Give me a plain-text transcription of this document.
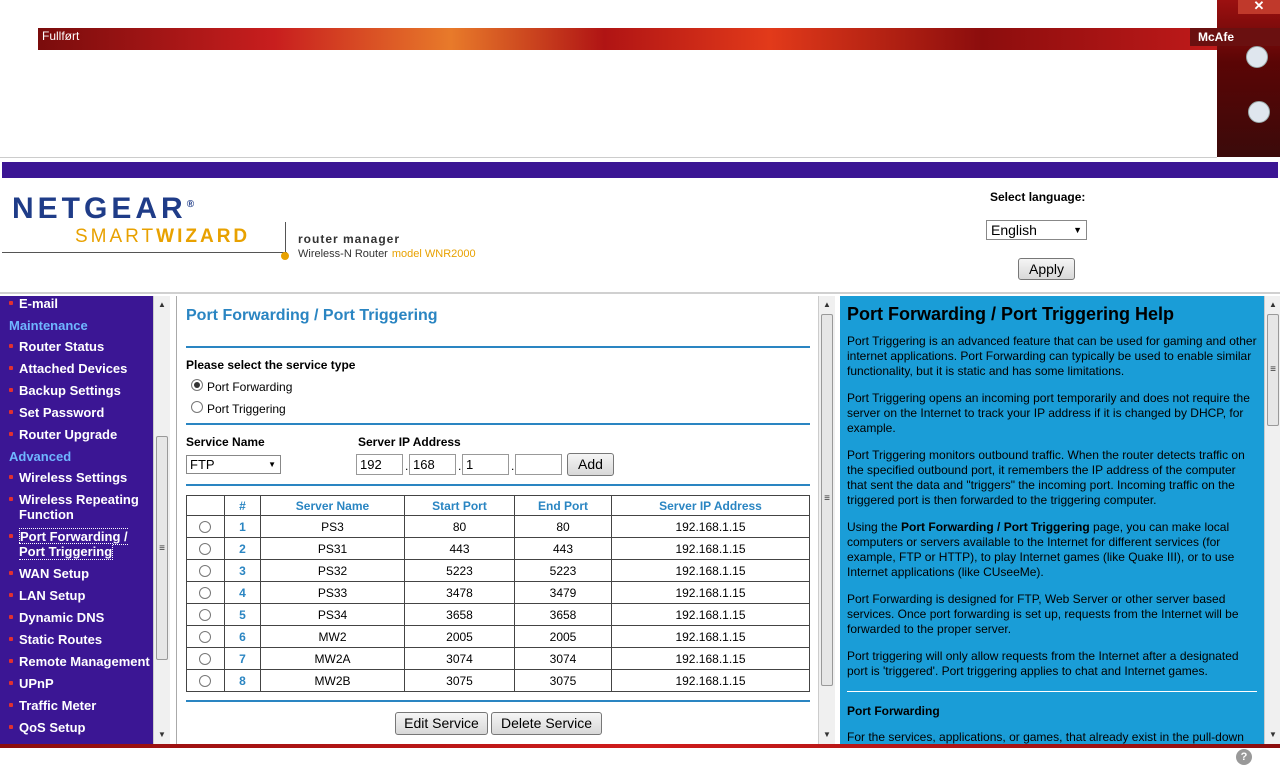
Fullført
✕
McAfe
NETGEAR®
SMARTWIZARD	router manager
Wireless-N Router model WNR2000
Select language:
English	▼
Apply
E-mail
Maintenance
Router Status
Attached Devices
Backup Settings
Set Password
Router Upgrade
Advanced
Wireless Settings
Wireless Repeating Function
Port Forwarding / Port Triggering
WAN Setup
LAN Setup
Dynamic DNS
Static Routes
Remote Management
UPnP
Traffic Meter
QoS Setup
▲
≡
▼
Port Forwarding / Port Triggering
Please select the service type
Port Forwarding
Port Triggering
Service Name	Server IP Address
FTP	▼	192	. 168	. 1	.	Add
	#	Server Name	Start Port	End Port	Server IP Address

	1	PS3	80	80	192.168.1.15

	2	PS31	443	443	192.168.1.15

	3	PS32	5223	5223	192.168.1.15

	4	PS33	3478	3479	192.168.1.15

	5	PS34	3658	3658	192.168.1.15

	6	MW2	2005	2005	192.168.1.15

	7	MW2A	3074	3074	192.168.1.15

	8	MW2B	3075	3075	192.168.1.15
Edit Service	Delete Service
▲
≡
▼
Port Forwarding / Port Triggering Help

Port Triggering is an advanced feature that can be used for gaming and other internet applications. Port Forwarding can typically be used to enable similar functionality, but it is static and has some limitations.

Port Triggering opens an incoming port temporarily and does not require the server on the Internet to track your IP address if it is changed by DHCP, for example.

Port Triggering monitors outbound traffic. When the router detects traffic on the specified outbound port, it remembers the IP address of the computer that sent the data and "triggers" the incoming port. Incoming traffic on the triggered port is then forwarded to the triggering computer.

Using the Port Forwarding / Port Triggering page, you can make local computers or servers available to the Internet for different services (for example, FTP or HTTP), to play Internet games (like Quake III), or to use Internet applications (like CUseeMe).

Port Forwarding is designed for FTP, Web Server or other server based services. Once port forwarding is set up, requests from the Internet will be forwarded to the proper server.

Port triggering will only allow requests from the Internet after a designated port is 'triggered'. Port triggering applies to chat and Internet games.

Port Forwarding

For the services, applications, or games, that already exist in the pull-down

▲
≡
▼
?
